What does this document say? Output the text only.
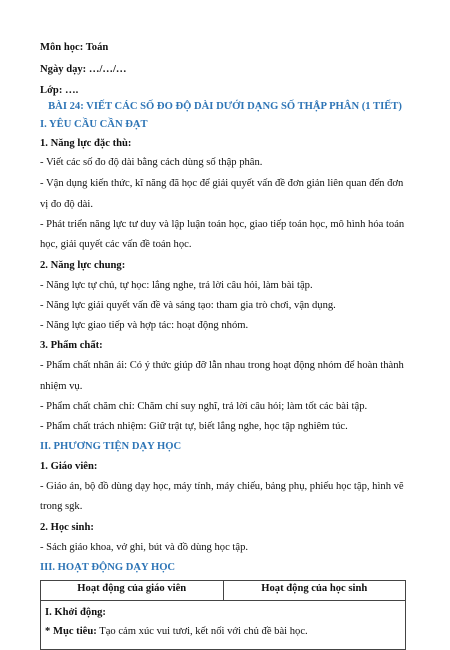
Môn học: Toán
Ngày dạy: …/…/…
Lớp: ….
BÀI 24: VIẾT CÁC SỐ ĐO ĐỘ DÀI DƯỚI DẠNG SỐ THẬP PHÂN (1 TIẾT)
I. YÊU CẦU CẦN ĐẠT
1. Năng lực đặc thù:
- Viết các số đo độ dài bằng cách dùng số thập phân.
- Vận dụng kiến thức, kĩ năng đã học để giải quyết vấn đề đơn giản liên quan đến đơn
vị đo độ dài.
- Phát triển năng lực tư duy và lập luận toán học, giao tiếp toán học, mô hình hóa toán
học, giải quyết các vấn đề toán học.
2. Năng lực chung:
- Năng lực tự chủ, tự học: lắng nghe, trả lời câu hỏi, làm bài tập.
- Năng lực giải quyết vấn đề và sáng tạo: tham gia trò chơi, vận dụng.
- Năng lực giao tiếp và hợp tác: hoạt động nhóm.
3. Phẩm chất:
- Phẩm chất nhân ái: Có ý thức giúp đỡ lẫn nhau trong hoạt động nhóm để hoàn thành
nhiệm vụ.
- Phẩm chất chăm chỉ: Chăm chỉ suy nghĩ, trả lời câu hỏi; làm tốt các bài tập.
- Phẩm chất trách nhiệm: Giữ trật tự, biết lắng nghe, học tập nghiêm túc.
II. PHƯƠNG TIỆN DẠY HỌC
1. Giáo viên:
- Giáo án, bộ đồ dùng dạy học, máy tính, máy chiếu, bảng phụ, phiếu học tập, hình vẽ
trong sgk.
2. Học sinh:
- Sách giáo khoa, vở ghi, bút và đồ dùng học tập.
III. HOẠT ĐỘNG DẠY HỌC
Hoạt động của giáo viên	Hoạt động của học sinh
I. Khởi động:
* Mục tiêu: Tạo cảm xúc vui tươi, kết nối với chủ đề bài học.
